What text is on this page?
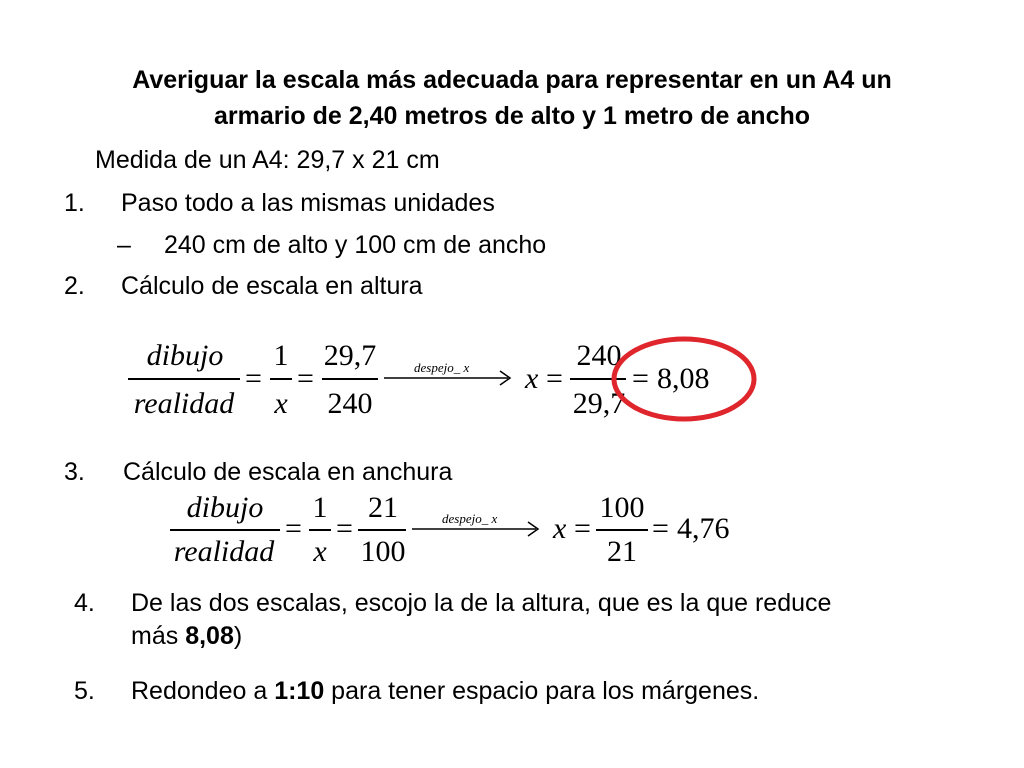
Averiguar la escala más adecuada para representar en un A4 un
armario de 2,40 metros de alto y 1 metro de ancho
Medida de un A4: 29,7 x 21 cm
1. Paso todo a las mismas unidades
– 240 cm de alto y 100 cm de ancho
2. Cálculo de escala en altura
dibujo
realidad
=
1
x
=
29,7
240
despejo_ x x =
240
29,7
= 8,08
3. Cálculo de escala en anchura
dibujo
realidad
=
1
x
=
21
100
despejo_ x x =
100
21
= 4,76
4. De las dos escalas, escojo la de la altura, que es la que reduce
más 8,08)
5. Redondeo a 1:10 para tener espacio para los márgenes.
